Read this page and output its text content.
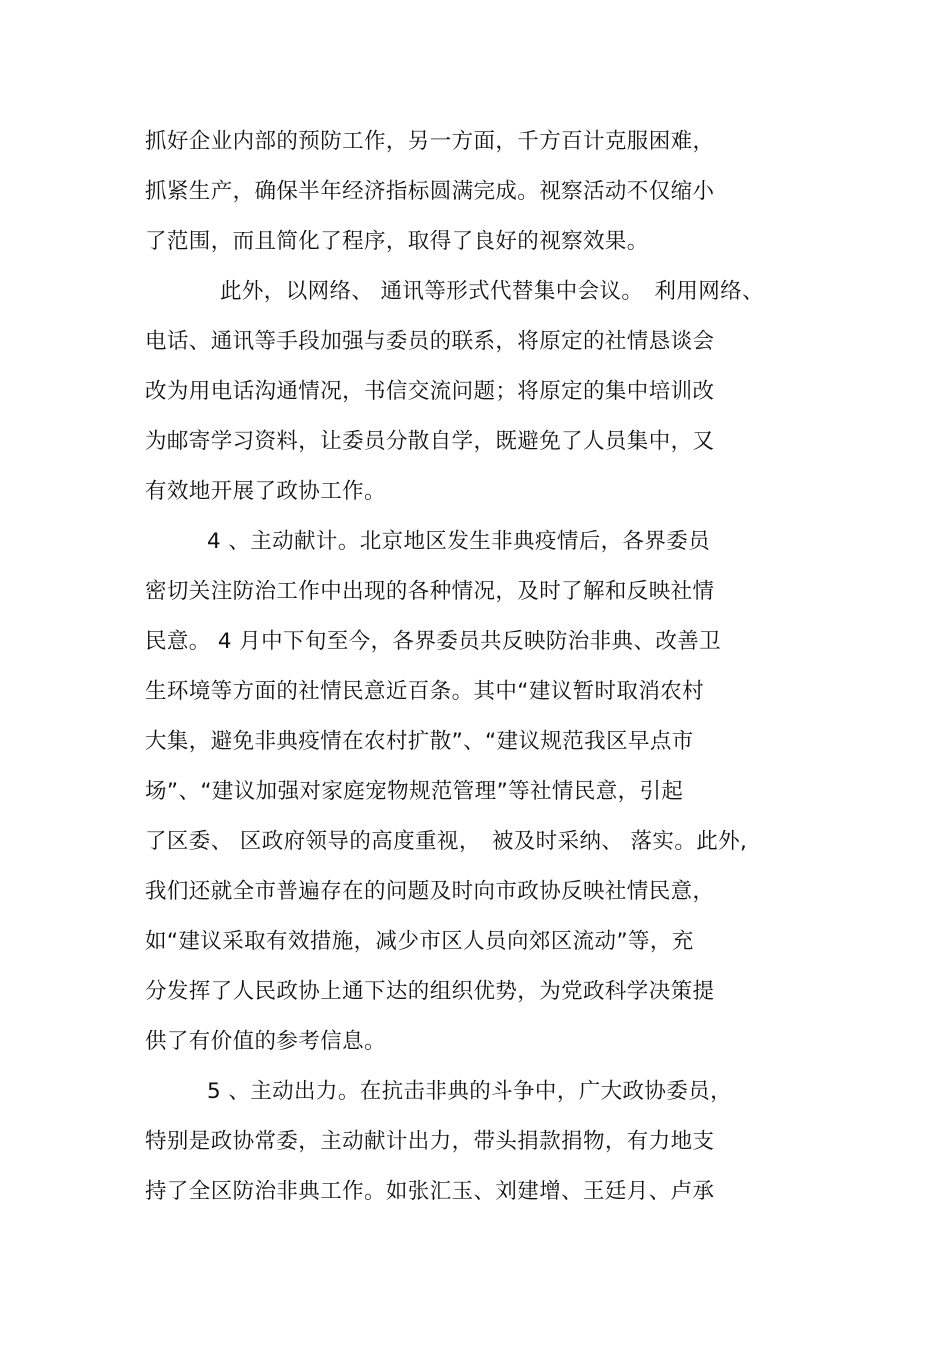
抓好企业内部的预防工作，另一方面，千方百计克服困难，
抓紧生产，确保半年经济指标圆满完成。视察活动不仅缩小
了范围，而且简化了程序，取得了良好的视察效果。
此外，以网络、 通讯等形式代替集中会议。　利用网络、
电话、通讯等手段加强与委员的联系，将原定的社情恳谈会
改为用电话沟通情况，书信交流问题；将原定的集中培训改
为邮寄学习资料，让委员分散自学，既避免了人员集中，又
有效地开展了政协工作。
4 、主动献计。北京地区发生非典疫情后，各界委员
密切关注防治工作中出现的各种情况，及时了解和反映社情
民意。 4 月中下旬至今，各界委员共反映防治非典、改善卫
生环境等方面的社情民意近百条。其中“建议暂时取消农村
大集，避免非典疫情在农村扩散”、“建议规范我区早点市
场”、“建议加强对家庭宠物规范管理”等社情民意，引起
了区委、 区政府领导的高度重视，　被及时采纳、 落实。此外,
我们还就全市普遍存在的问题及时向市政协反映社情民意，
如“建议采取有效措施，减少市区人员向郊区流动”等，充
分发挥了人民政协上通下达的组织优势，为党政科学决策提
供了有价值的参考信息。
5 、主动出力。在抗击非典的斗争中，广大政协委员，
特别是政协常委，主动献计出力，带头捐款捐物，有力地支
持了全区防治非典工作。如张汇玉、刘建增、王廷月、卢承
